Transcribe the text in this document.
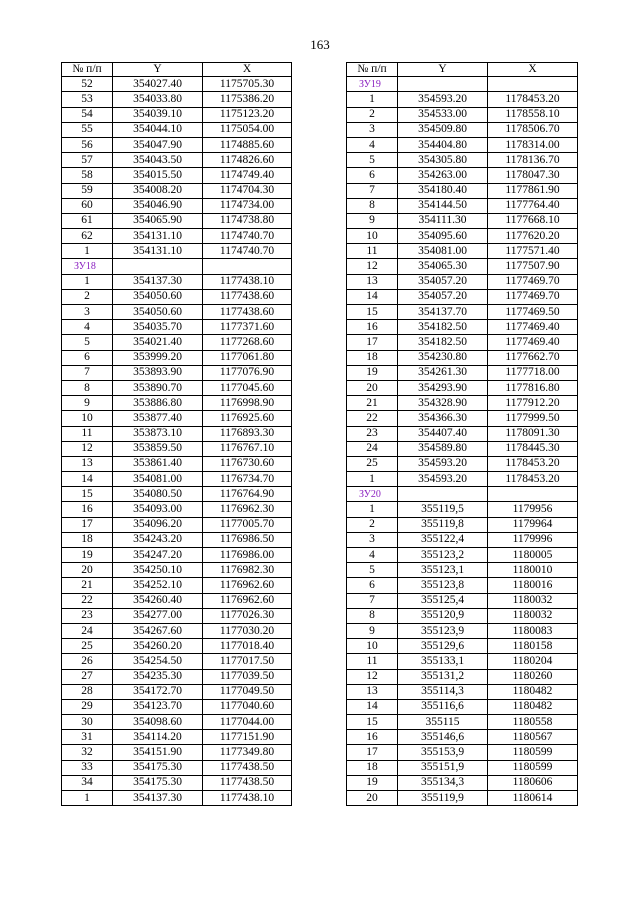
163
№ п/п	Y	X
52	354027.40	1175705.30
53	354033.80	1175386.20
54	354039.10	1175123.20
55	354044.10	1175054.00
56	354047.90	1174885.60
57	354043.50	1174826.60
58	354015.50	1174749.40
59	354008.20	1174704.30
60	354046.90	1174734.00
61	354065.90	1174738.80
62	354131.10	1174740.70
1	354131.10	1174740.70
ЗУ18		
1	354137.30	1177438.10
2	354050.60	1177438.60
3	354050.60	1177438.60
4	354035.70	1177371.60
5	354021.40	1177268.60
6	353999.20	1177061.80
7	353893.90	1177076.90
8	353890.70	1177045.60
9	353886.80	1176998.90
10	353877.40	1176925.60
11	353873.10	1176893.30
12	353859.50	1176767.10
13	353861.40	1176730.60
14	354081.00	1176734.70
15	354080.50	1176764.90
16	354093.00	1176962.30
17	354096.20	1177005.70
18	354243.20	1176986.50
19	354247.20	1176986.00
20	354250.10	1176982.30
21	354252.10	1176962.60
22	354260.40	1176962.60
23	354277.00	1177026.30
24	354267.60	1177030.20
25	354260.20	1177018.40
26	354254.50	1177017.50
27	354235.30	1177039.50
28	354172.70	1177049.50
29	354123.70	1177040.60
30	354098.60	1177044.00
31	354114.20	1177151.90
32	354151.90	1177349.80
33	354175.30	1177438.50
34	354175.30	1177438.50
1	354137.30	1177438.10
№ п/п	Y	X
ЗУ19		
1	354593.20	1178453.20
2	354533.00	1178558.10
3	354509.80	1178506.70
4	354404.80	1178314.00
5	354305.80	1178136.70
6	354263.00	1178047.30
7	354180.40	1177861.90
8	354144.50	1177764.40
9	354111.30	1177668.10
10	354095.60	1177620.20
11	354081.00	1177571.40
12	354065.30	1177507.90
13	354057.20	1177469.70
14	354057.20	1177469.70
15	354137.70	1177469.50
16	354182.50	1177469.40
17	354182.50	1177469.40
18	354230.80	1177662.70
19	354261.30	1177718.00
20	354293.90	1177816.80
21	354328.90	1177912.20
22	354366.30	1177999.50
23	354407.40	1178091.30
24	354589.80	1178445.30
25	354593.20	1178453.20
1	354593.20	1178453.20
ЗУ20		
1	355119,5	1179956
2	355119,8	1179964
3	355122,4	1179996
4	355123,2	1180005
5	355123,1	1180010
6	355123,8	1180016
7	355125,4	1180032
8	355120,9	1180032
9	355123,9	1180083
10	355129,6	1180158
11	355133,1	1180204
12	355131,2	1180260
13	355114,3	1180482
14	355116,6	1180482
15	355115	1180558
16	355146,6	1180567
17	355153,9	1180599
18	355151,9	1180599
19	355134,3	1180606
20	355119,9	1180614
